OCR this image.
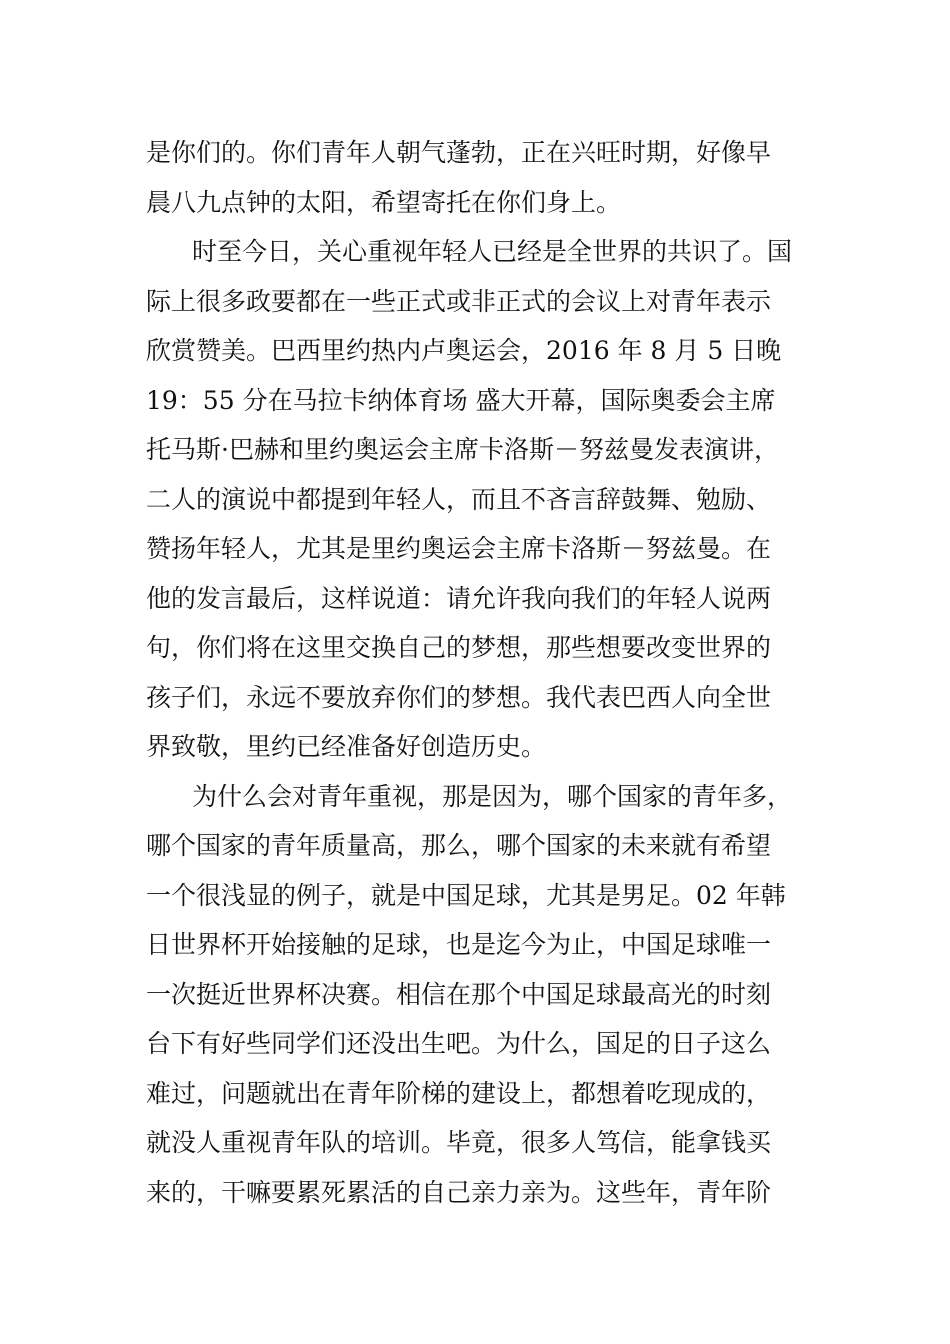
是你们的。你们青年人朝气蓬勃，正在兴旺时期，好像早
晨八九点钟的太阳，希望寄托在你们身上。
时至今日，关心重视年轻人已经是全世界的共识了。国
际上很多政要都在一些正式或非正式的会议上对青年表示
欣赏赞美。巴西里约热内卢奥运会，2016 年 8 月 5 日晚
19：55 分在马拉卡纳体育场 盛大开幕，国际奥委会主席
托马斯·巴赫和里约奥运会主席卡洛斯－努兹曼发表演讲，
二人的演说中都提到年轻人，而且不吝言辞鼓舞、勉励、
赞扬年轻人，尤其是里约奥运会主席卡洛斯－努兹曼。在
他的发言最后，这样说道：请允许我向我们的年轻人说两
句，你们将在这里交换自己的梦想，那些想要改变世界的
孩子们，永远不要放弃你们的梦想。我代表巴西人向全世
界致敬，里约已经准备好创造历史。
为什么会对青年重视，那是因为，哪个国家的青年多，
哪个国家的青年质量高，那么，哪个国家的未来就有希望
一个很浅显的例子，就是中国足球，尤其是男足。02 年韩
日世界杯开始接触的足球，也是迄今为止，中国足球唯一
一次挺近世界杯决赛。相信在那个中国足球最高光的时刻
台下有好些同学们还没出生吧。为什么，国足的日子这么
难过，问题就出在青年阶梯的建设上，都想着吃现成的，
就没人重视青年队的培训。毕竟，很多人笃信，能拿钱买
来的，干嘛要累死累活的自己亲力亲为。这些年，青年阶
